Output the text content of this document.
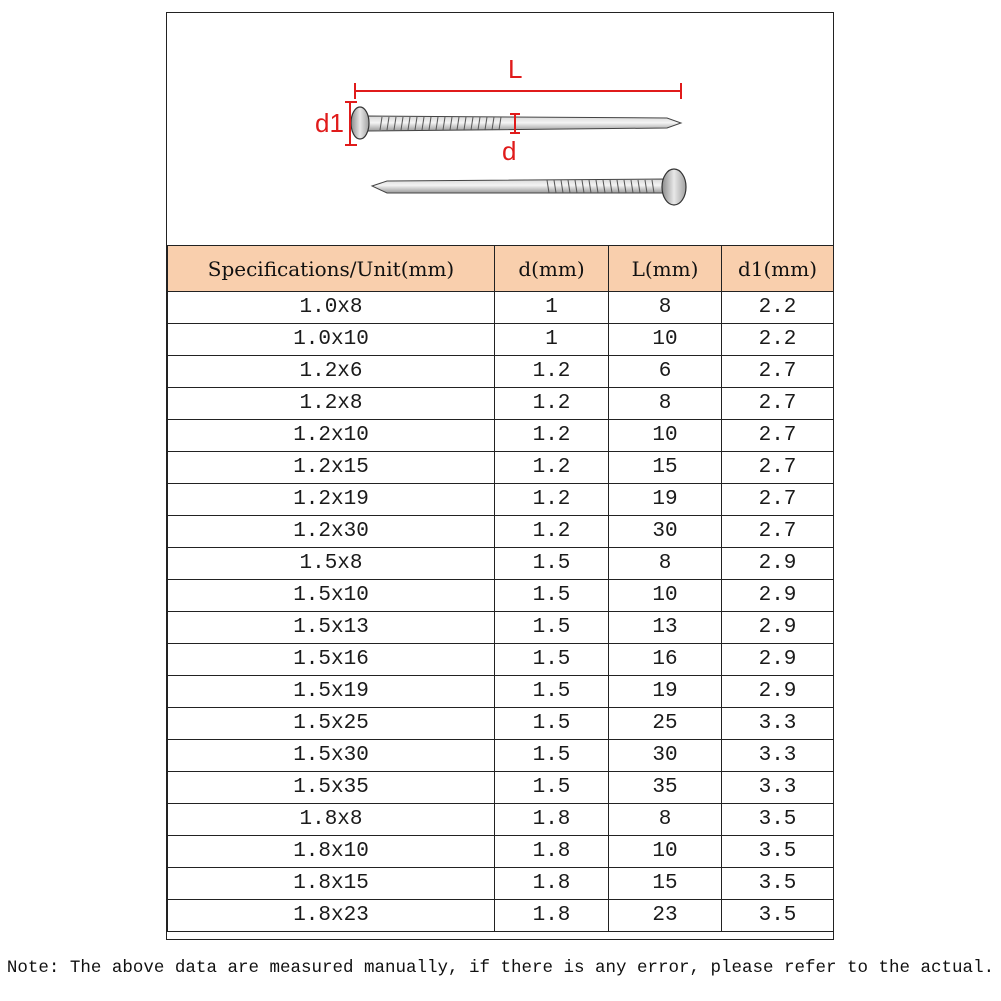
L
d1
d
Specifications/Unit(mm)	d(mm)	L(mm)	d1(mm)
1.0x8	1	8	2.2
1.0x10	1	10	2.2
1.2x6	1.2	6	2.7
1.2x8	1.2	8	2.7
1.2x10	1.2	10	2.7
1.2x15	1.2	15	2.7
1.2x19	1.2	19	2.7
1.2x30	1.2	30	2.7
1.5x8	1.5	8	2.9
1.5x10	1.5	10	2.9
1.5x13	1.5	13	2.9
1.5x16	1.5	16	2.9
1.5x19	1.5	19	2.9
1.5x25	1.5	25	3.3
1.5x30	1.5	30	3.3
1.5x35	1.5	35	3.3
1.8x8	1.8	8	3.5
1.8x10	1.8	10	3.5
1.8x15	1.8	15	3.5
1.8x23	1.8	23	3.5
Note: The above data are measured manually, if there is any error, please refer to the actual.
